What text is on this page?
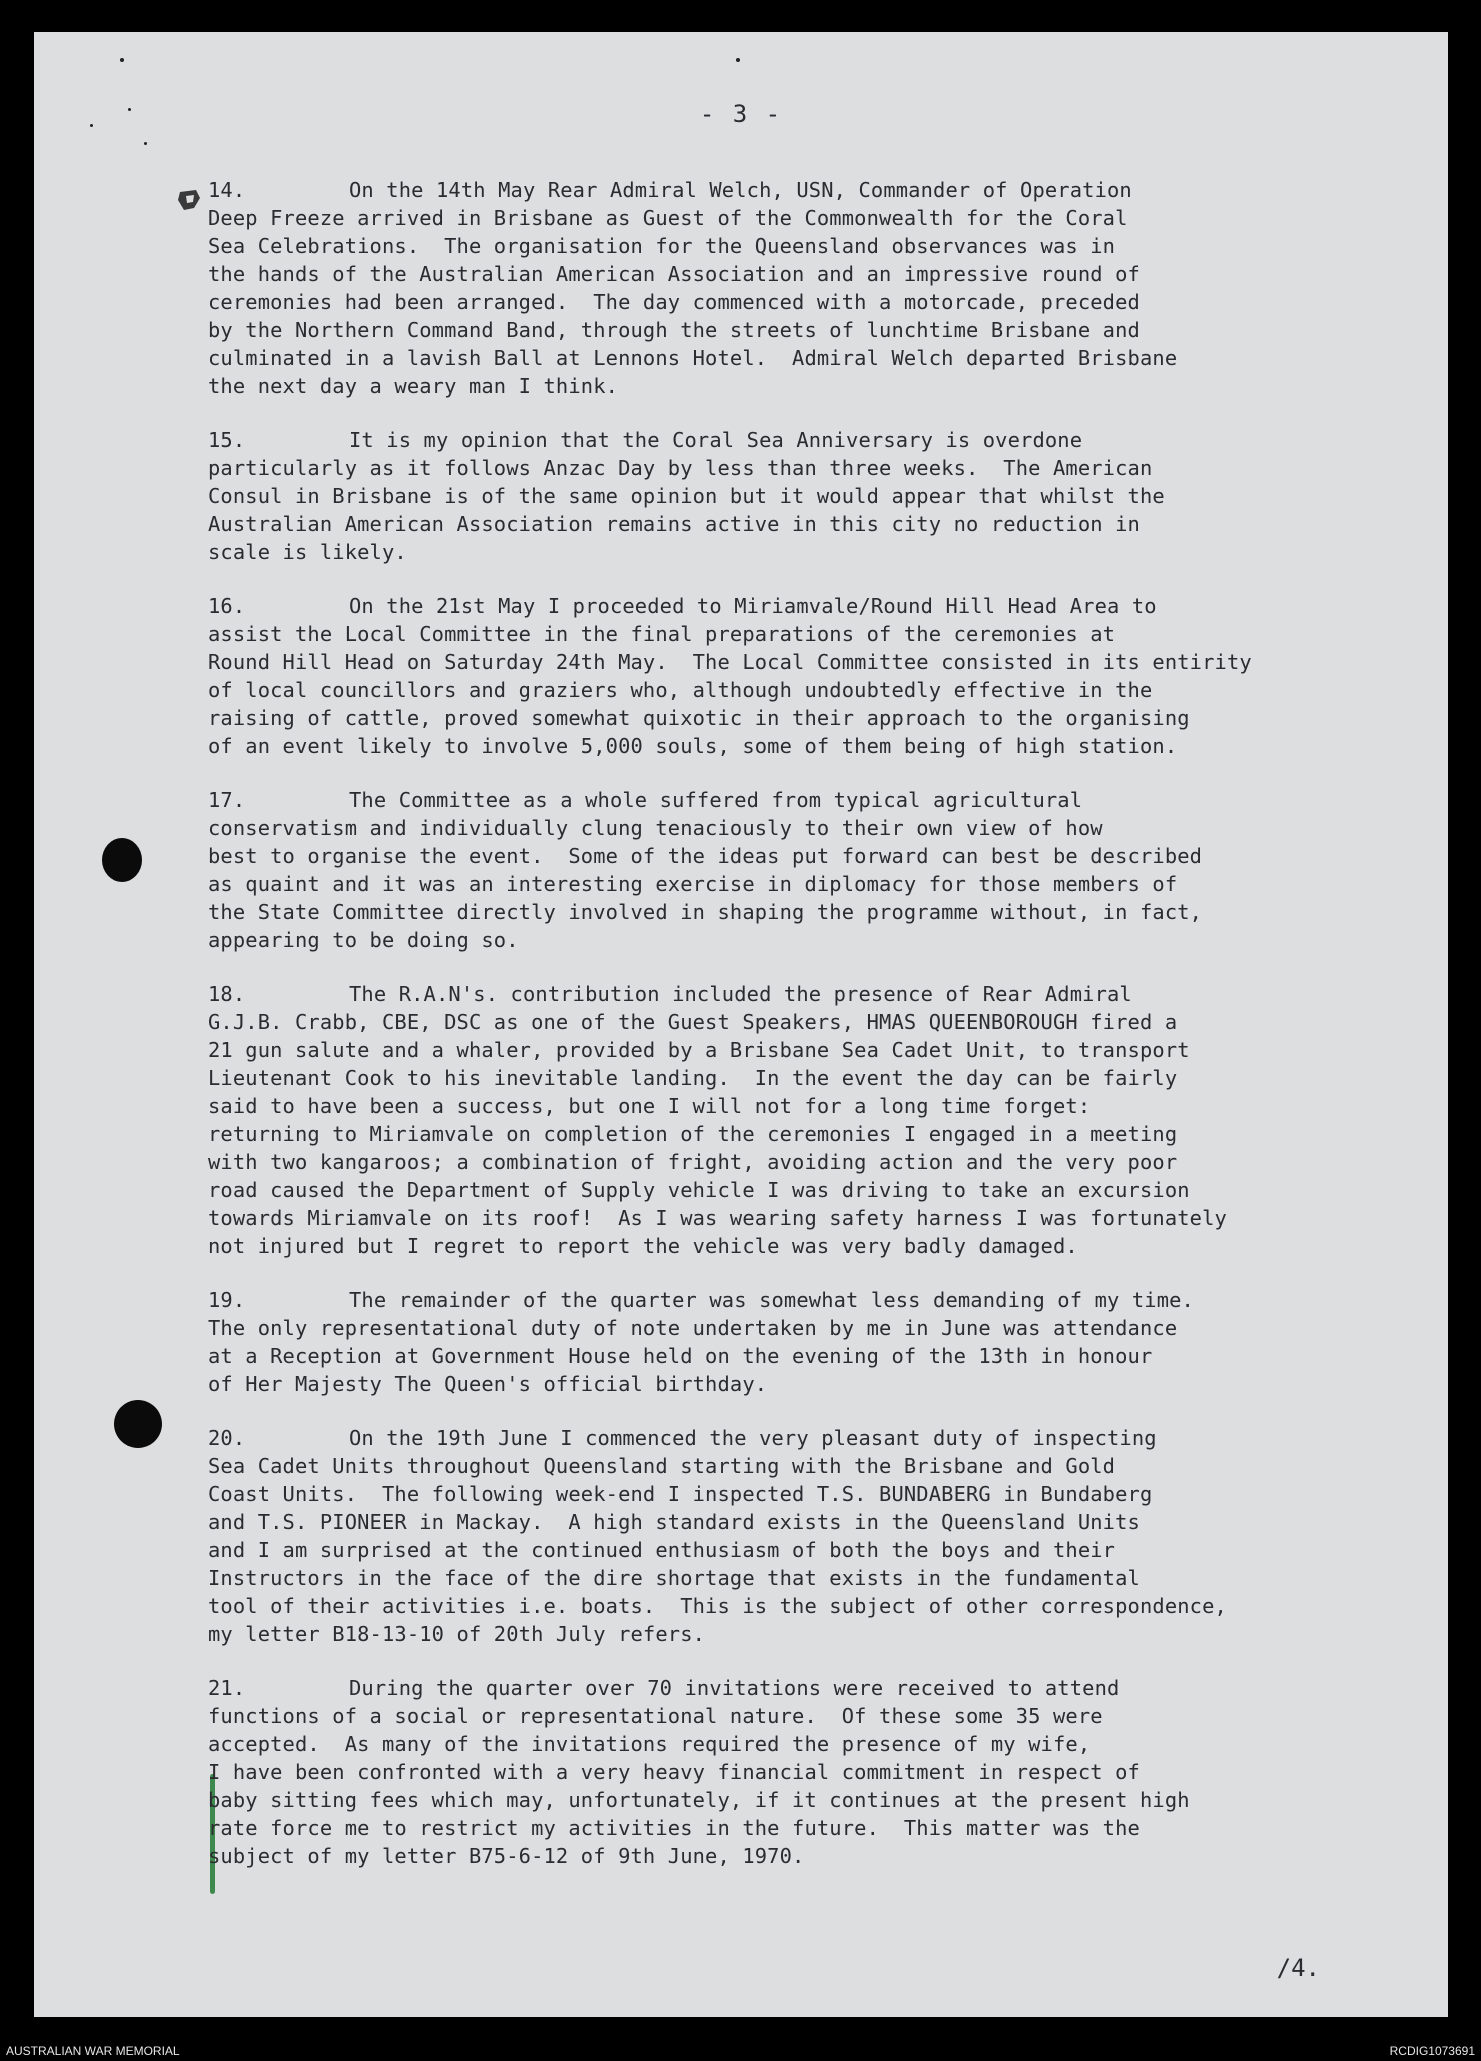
- 3 -
14.	On the 14th May Rear Admiral Welch, USN, Commander of Operation
Deep Freeze arrived in Brisbane as Guest of the Commonwealth for the Coral
Sea Celebrations.  The organisation for the Queensland observances was in
the hands of the Australian American Association and an impressive round of
ceremonies had been arranged.  The day commenced with a motorcade, preceded
by the Northern Command Band, through the streets of lunchtime Brisbane and
culminated in a lavish Ball at Lennons Hotel.  Admiral Welch departed Brisbane
the next day a weary man I think.
15.	It is my opinion that the Coral Sea Anniversary is overdone
particularly as it follows Anzac Day by less than three weeks.  The American
Consul in Brisbane is of the same opinion but it would appear that whilst the
Australian American Association remains active in this city no reduction in
scale is likely.
16.	On the 21st May I proceeded to Miriamvale/Round Hill Head Area to
assist the Local Committee in the final preparations of the ceremonies at
Round Hill Head on Saturday 24th May.  The Local Committee consisted in its entirity
of local councillors and graziers who, although undoubtedly effective in the
raising of cattle, proved somewhat quixotic in their approach to the organising
of an event likely to involve 5,000 souls, some of them being of high station.
17.	The Committee as a whole suffered from typical agricultural
conservatism and individually clung tenaciously to their own view of how
best to organise the event.  Some of the ideas put forward can best be described
as quaint and it was an interesting exercise in diplomacy for those members of
the State Committee directly involved in shaping the programme without, in fact,
appearing to be doing so.
18.	The R.A.N's. contribution included the presence of Rear Admiral
G.J.B. Crabb, CBE, DSC as one of the Guest Speakers, HMAS QUEENBOROUGH fired a
21 gun salute and a whaler, provided by a Brisbane Sea Cadet Unit, to transport
Lieutenant Cook to his inevitable landing.  In the event the day can be fairly
said to have been a success, but one I will not for a long time forget:
returning to Miriamvale on completion of the ceremonies I engaged in a meeting
with two kangaroos; a combination of fright, avoiding action and the very poor
road caused the Department of Supply vehicle I was driving to take an excursion
towards Miriamvale on its roof!  As I was wearing safety harness I was fortunately
not injured but I regret to report the vehicle was very badly damaged.
19.	The remainder of the quarter was somewhat less demanding of my time.
The only representational duty of note undertaken by me in June was attendance
at a Reception at Government House held on the evening of the 13th in honour
of Her Majesty The Queen's official birthday.
20.	On the 19th June I commenced the very pleasant duty of inspecting
Sea Cadet Units throughout Queensland starting with the Brisbane and Gold
Coast Units.  The following week-end I inspected T.S. BUNDABERG in Bundaberg
and T.S. PIONEER in Mackay.  A high standard exists in the Queensland Units
and I am surprised at the continued enthusiasm of both the boys and their
Instructors in the face of the dire shortage that exists in the fundamental
tool of their activities i.e. boats.  This is the subject of other correspondence,
my letter B18-13-10 of 20th July refers.
21.	During the quarter over 70 invitations were received to attend
functions of a social or representational nature.  Of these some 35 were
accepted.  As many of the invitations required the presence of my wife,
I have been confronted with a very heavy financial commitment in respect of
baby sitting fees which may, unfortunately, if it continues at the present high
rate force me to restrict my activities in the future.  This matter was the
subject of my letter B75-6-12 of 9th June, 1970.
/4.
AUSTRALIAN WAR MEMORIAL	RCDIG1073691
